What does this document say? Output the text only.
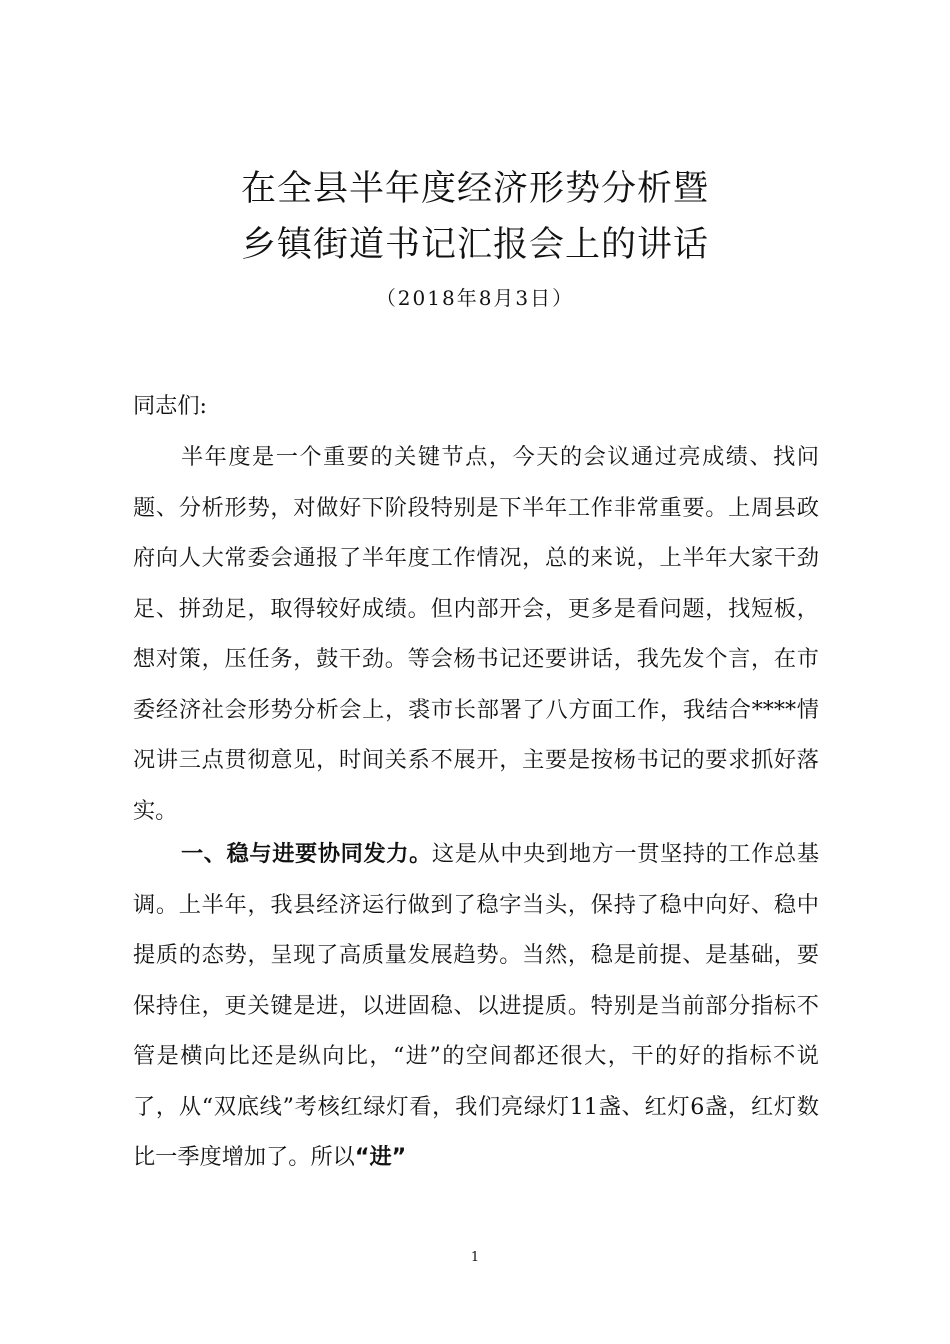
在全县半年度经济形势分析暨
乡镇街道书记汇报会上的讲话
（2018年8月3日）

同志们:

半年度是一个重要的关键节点，今天的会议通过亮成绩、找问题、分析形势，对做好下阶段特别是下半年工作非常重要。上周县政府向人大常委会通报了半年度工作情况，总的来说，上半年大家干劲足、拼劲足，取得较好成绩。但内部开会，更多是看问题，找短板，想对策，压任务，鼓干劲。等会杨书记还要讲话，我先发个言，在市委经济社会形势分析会上，裘市长部署了八方面工作，我结合****情况讲三点贯彻意见，时间关系不展开，主要是按杨书记的要求抓好落实。

一、稳与进要协同发力。这是从中央到地方一贯坚持的工作总基调。上半年，我县经济运行做到了稳字当头，保持了稳中向好、稳中提质的态势，呈现了高质量发展趋势。当然，稳是前提、是基础，要保持住，更关键是进，以进固稳、以进提质。特别是当前部分指标不管是横向比还是纵向比，“进”的空间都还很大，干的好的指标不说了，从“双底线”考核红绿灯看，我们亮绿灯11盏、红灯6盏，红灯数比一季度增加了。所以“进”

1
